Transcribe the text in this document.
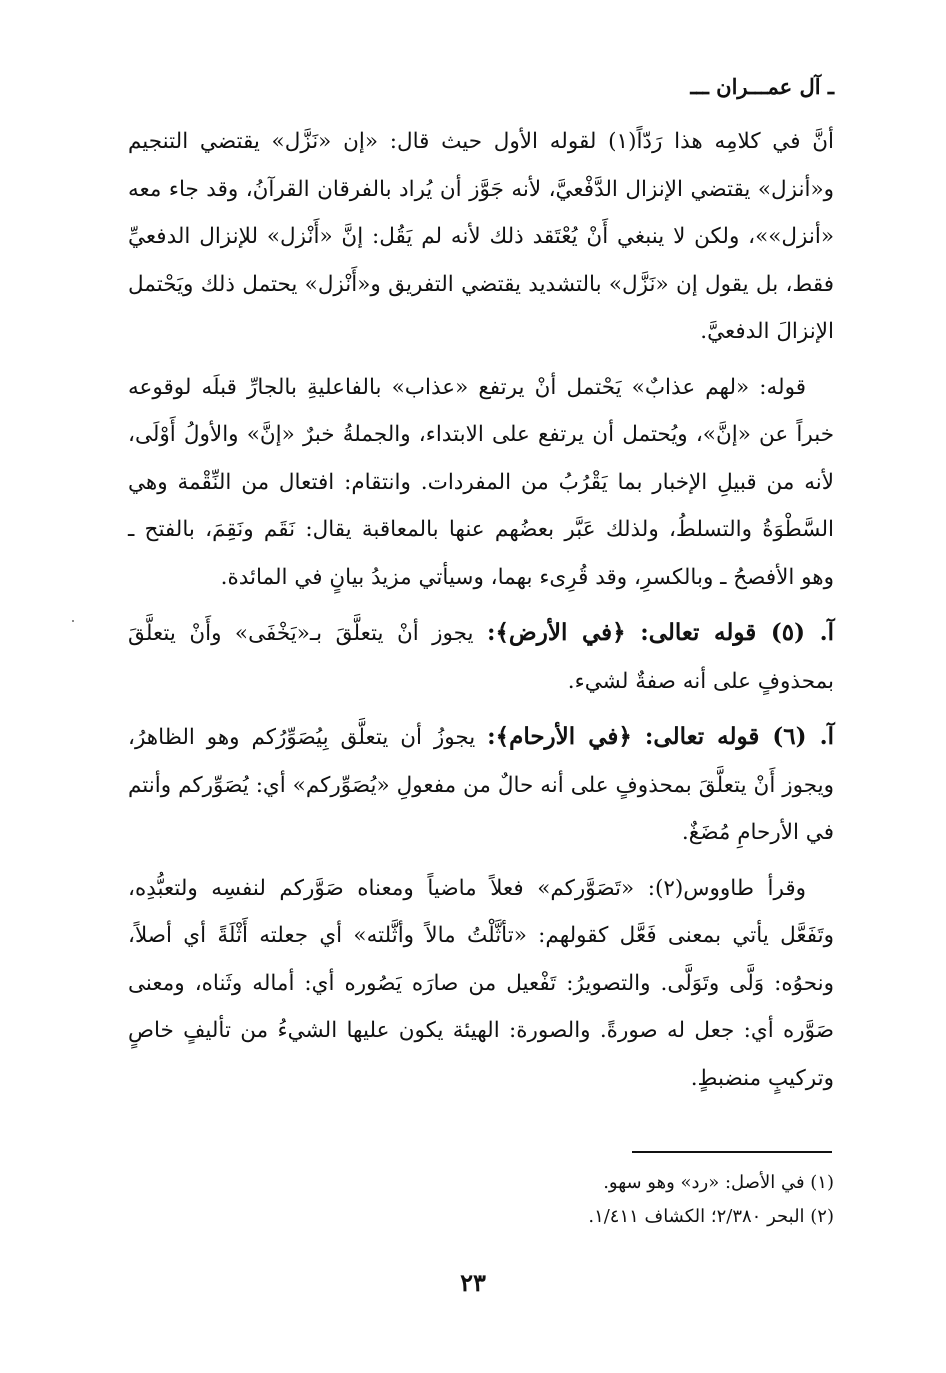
ـ آل عمـــران ـــ

أنَّ في كلامِه هذا رَدّاً(١) لقوله الأول حيث قال: «إن «نَزَّل» يقتضي التنجيم و«أنزل» يقتضي الإنزال الدَّفْعيَّ، لأنه جَوَّز أن يُراد بالفرقان القرآنُ، وقد جاء معه «أنزل»»، ولكن لا ينبغي أَنْ يُعْتَقد ذلك لأنه لم يَقُل: إنَّ «أَنْزل» للإنزال الدفعيِّ فقط، بل يقول إن «نَزَّل» بالتشديد يقتضي التفريق و«أَنْزل» يحتمل ذلك ويَحْتمل الإنزالَ الدفعيَّ.

قوله: «لهم عذابٌ» يَحْتمل أنْ يرتفع «عذاب» بالفاعليةِ بالجارِّ قبلَه لوقوعه خبراً عن «إنَّ»، ويُحتمل أن يرتفع على الابتداء، والجملةُ خبرٌ «إنَّ» والأولُ أَوْلَى، لأنه من قبيلِ الإخبار بما يَقْرُبُ من المفردات. وانتقام: افتعال من النِّقْمة وهي السَّطْوَةُ والتسلطُ، ولذلك عَبَّر بعضُهم عنها بالمعاقبة يقال: نَقَم ونَقِمَ، بالفتح ـ وهو الأفصحُ ـ وبالكسرِ، وقد قُرِىء بهما، وسيأتي مزيدُ بيانٍ في المائدة.

آ. (٥) قوله تعالى: ﴿في الأرض﴾: يجوز أنْ يتعلَّقَ بـ«يَخْفَى» وأَنْ يتعلَّقَ بمحذوفٍ على أنه صفةٌ لشيء.

آ. (٦) قوله تعالى: ﴿في الأرحام﴾: يجوزُ أن يتعلَّق بِيُصَوِّرُكم وهو الظاهرُ، ويجوز أَنْ يتعلَّقَ بمحذوفٍ على أنه حالٌ من مفعولِ «يُصَوِّركم» أي: يُصَوِّركم وأنتم في الأرحامِ مُضَغٌ.

وقرأ طاووس(٢): «تَصَوَّركم» فعلاً ماضياً ومعناه صَوَّركم لنفسِه ولتعبُّدِه، وتَفَعَّل يأتي بمعنى فَعَّل كقولهم: «تأثَّلْتُ مالاً وأثَّلته» أي جعلته أَثْلَةً أي أصلاً، ونحوُه: وَلَّى وتَوَلَّى. والتصويرُ: تَفْعيل من صارَه يَصُوره أي: أماله وثَناه، ومعنى صَوَّره أي: جعل له صورةً. والصورة: الهيئة يكون عليها الشيءُ من تأليفٍ خاصٍ وتركيبٍ منضبطٍ.

(١) في الأصل: «رد» وهو سهو.
(٢) البحر ٢/٣٨٠؛ الكشاف ١/٤١١.
٢٣
